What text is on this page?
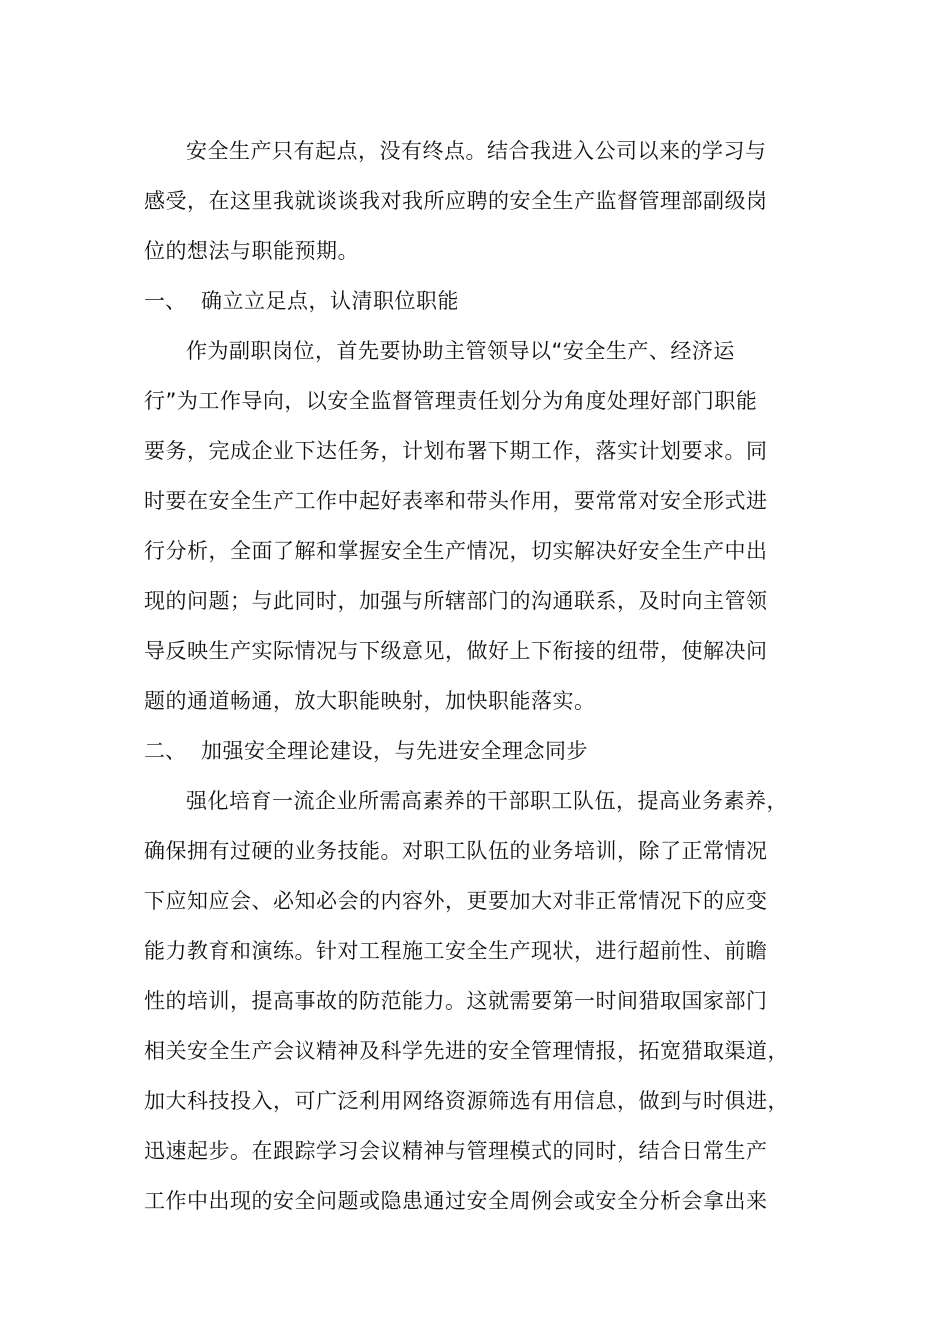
安全生产只有起点，没有终点。结合我进入公司以来的学习与
感受，在这里我就谈谈我对我所应聘的安全生产监督管理部副级岗
位的想法与职能预期。
一、 确立立足点，认清职位职能
作为副职岗位，首先要协助主管领导以“安全生产、经济运
行”为工作导向，以安全监督管理责任划分为角度处理好部门职能
要务，完成企业下达任务，计划布署下期工作，落实计划要求。同
时要在安全生产工作中起好表率和带头作用，要常常对安全形式进
行分析，全面了解和掌握安全生产情况，切实解决好安全生产中出
现的问题；与此同时，加强与所辖部门的沟通联系，及时向主管领
导反映生产实际情况与下级意见，做好上下衔接的纽带，使解决问
题的通道畅通，放大职能映射，加快职能落实。
二、 加强安全理论建设，与先进安全理念同步
强化培育一流企业所需高素养的干部职工队伍，提高业务素养，
确保拥有过硬的业务技能。对职工队伍的业务培训，除了正常情况
下应知应会、必知必会的内容外，更要加大对非正常情况下的应变
能力教育和演练。针对工程施工安全生产现状，进行超前性、前瞻
性的培训，提高事故的防范能力。这就需要第一时间猎取国家部门
相关安全生产会议精神及科学先进的安全管理情报，拓宽猎取渠道，
加大科技投入，可广泛利用网络资源筛选有用信息，做到与时俱进，
迅速起步。在跟踪学习会议精神与管理模式的同时，结合日常生产
工作中出现的安全问题或隐患通过安全周例会或安全分析会拿出来
